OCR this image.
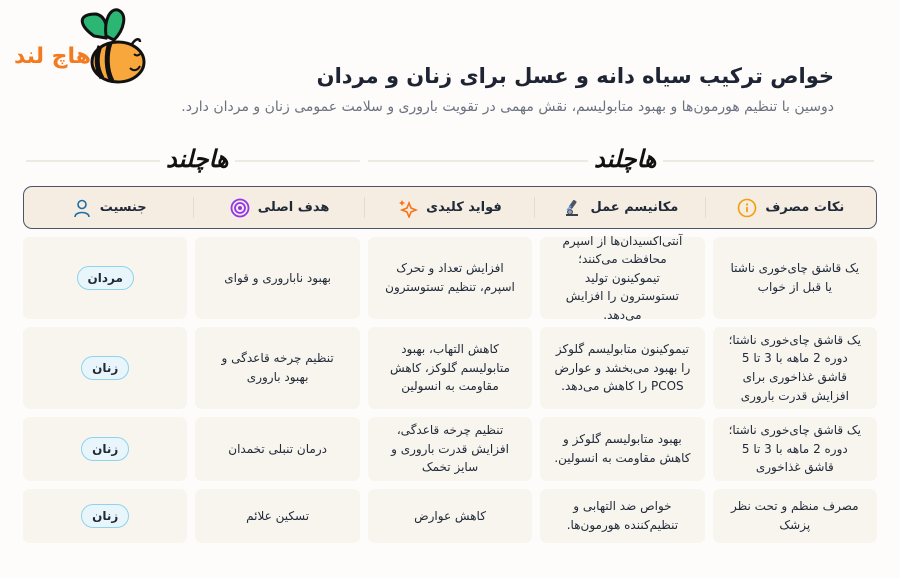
هاچ لند
خواص ترکیب سیاه دانه و عسل برای زنان و مردان

دوسین با تنظیم هورمون‌ها و بهبود متابولیسم، نقش مهمی در تقویت باروری و سلامت عمومی زنان و مردان دارد.

هاچلند	هاچلند
نکات مصرف
مکانیسم عمل
فواید کلیدی
هدف اصلی
جنسیت
یک قاشق چای‌خوری ناشتا یا قبل از خواب
آنتی‌اکسیدان‌ها از اسپرم محافظت می‌کنند؛ تیموکینون تولید تستوسترون را افزایش می‌دهد.
افزایش تعداد و تحرک اسپرم، تنظیم تستوسترون
بهبود ناباروری و قوای
مردان
یک قاشق چای‌خوری ناشتا؛ دوره 2 ماهه با 3 تا 5 قاشق غذاخوری برای افزایش قدرت باروری
تیموکینون متابولیسم گلوکز را بهبود می‌بخشد و عوارض PCOS را کاهش می‌دهد.
کاهش التهاب، بهبود متابولیسم گلوکز، کاهش مقاومت به انسولین
تنظیم چرخه قاعدگی و بهبود باروری
زنان
یک قاشق چای‌خوری ناشتا؛ دوره 2 ماهه با 3 تا 5 قاشق غذاخوری
بهبود متابولیسم گلوکز و کاهش مقاومت به انسولین.
تنظیم چرخه قاعدگی، افزایش قدرت باروری و سایز تخمک
درمان تنبلی تخمدان
زنان
مصرف منظم و تحت نظر پزشک
خواص ضد التهابی و تنظیم‌کننده هورمون‌ها.
کاهش عوارض
تسکین علائم
زنان
